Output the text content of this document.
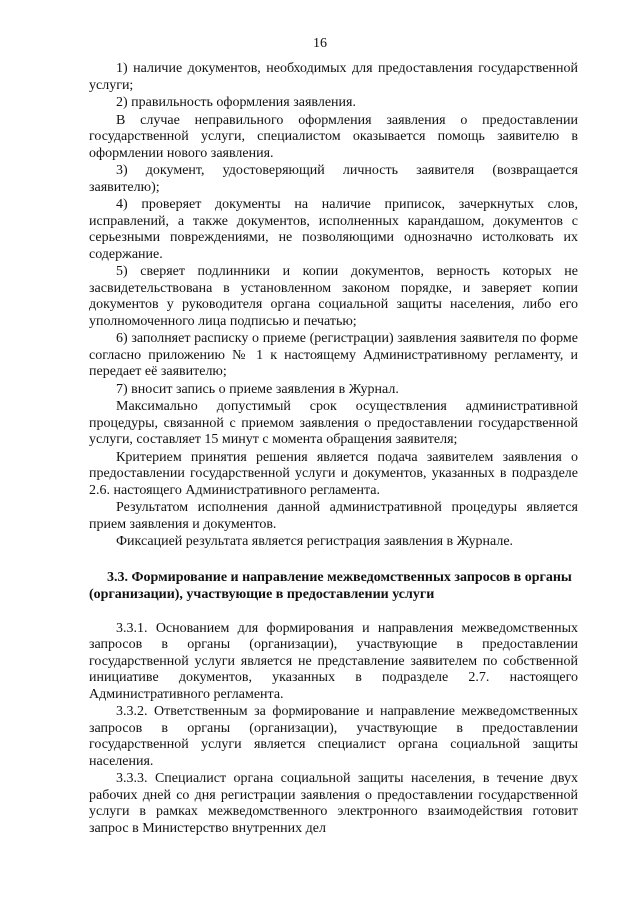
16

1) наличие документов, необходимых для предоставления государственной услуги;

2) правильность оформления заявления.

В случае неправильного оформления заявления о предоставлении государственной услуги, специалистом оказывается помощь заявителю в оформлении нового заявления.

3) документ, удостоверяющий личность заявителя (возвращается заявителю);

4) проверяет документы на наличие приписок, зачеркнутых слов, исправлений, а также документов, исполненных карандашом, документов с серьезными повреждениями, не позволяющими однозначно истолковать их содержание.

5) сверяет подлинники и копии документов, верность которых не засвидетельствована в установленном законом порядке, и заверяет копии документов у руководителя органа социальной защиты населения, либо его уполномоченного лица подписью и печатью;

6) заполняет расписку о приеме (регистрации) заявления заявителя по форме согласно приложению № 1 к настоящему Административному регламенту, и передает её заявителю;

7) вносит запись о приеме заявления в Журнал.

Максимально допустимый срок осуществления административной процедуры, связанной с приемом заявления о предоставлении государственной услуги, составляет 15 минут с момента обращения заявителя;

Критерием принятия решения является подача заявителем заявления о предоставлении государственной услуги и документов, указанных в подразделе 2.6. настоящего Административного регламента.

Результатом исполнения данной административной процедуры является прием заявления и документов.

Фиксацией результата является регистрация заявления в Журнале.

3.3. Формирование и направление межведомственных запросов в органы (организации), участвующие в предоставлении услуги

3.3.1. Основанием для формирования и направления межведомственных запросов в органы (организации), участвующие в предоставлении государственной услуги является не представление заявителем по собственной инициативе документов, указанных в подразделе 2.7. настоящего Административного регламента.

3.3.2. Ответственным за формирование и направление межведомственных запросов в органы (организации), участвующие в предоставлении государственной услуги является специалист органа социальной защиты населения.

3.3.3. Специалист органа социальной защиты населения, в течение двух рабочих дней со дня регистрации заявления о предоставлении государственной услуги в рамках межведомственного электронного взаимодействия готовит запрос в Министерство внутренних дел
